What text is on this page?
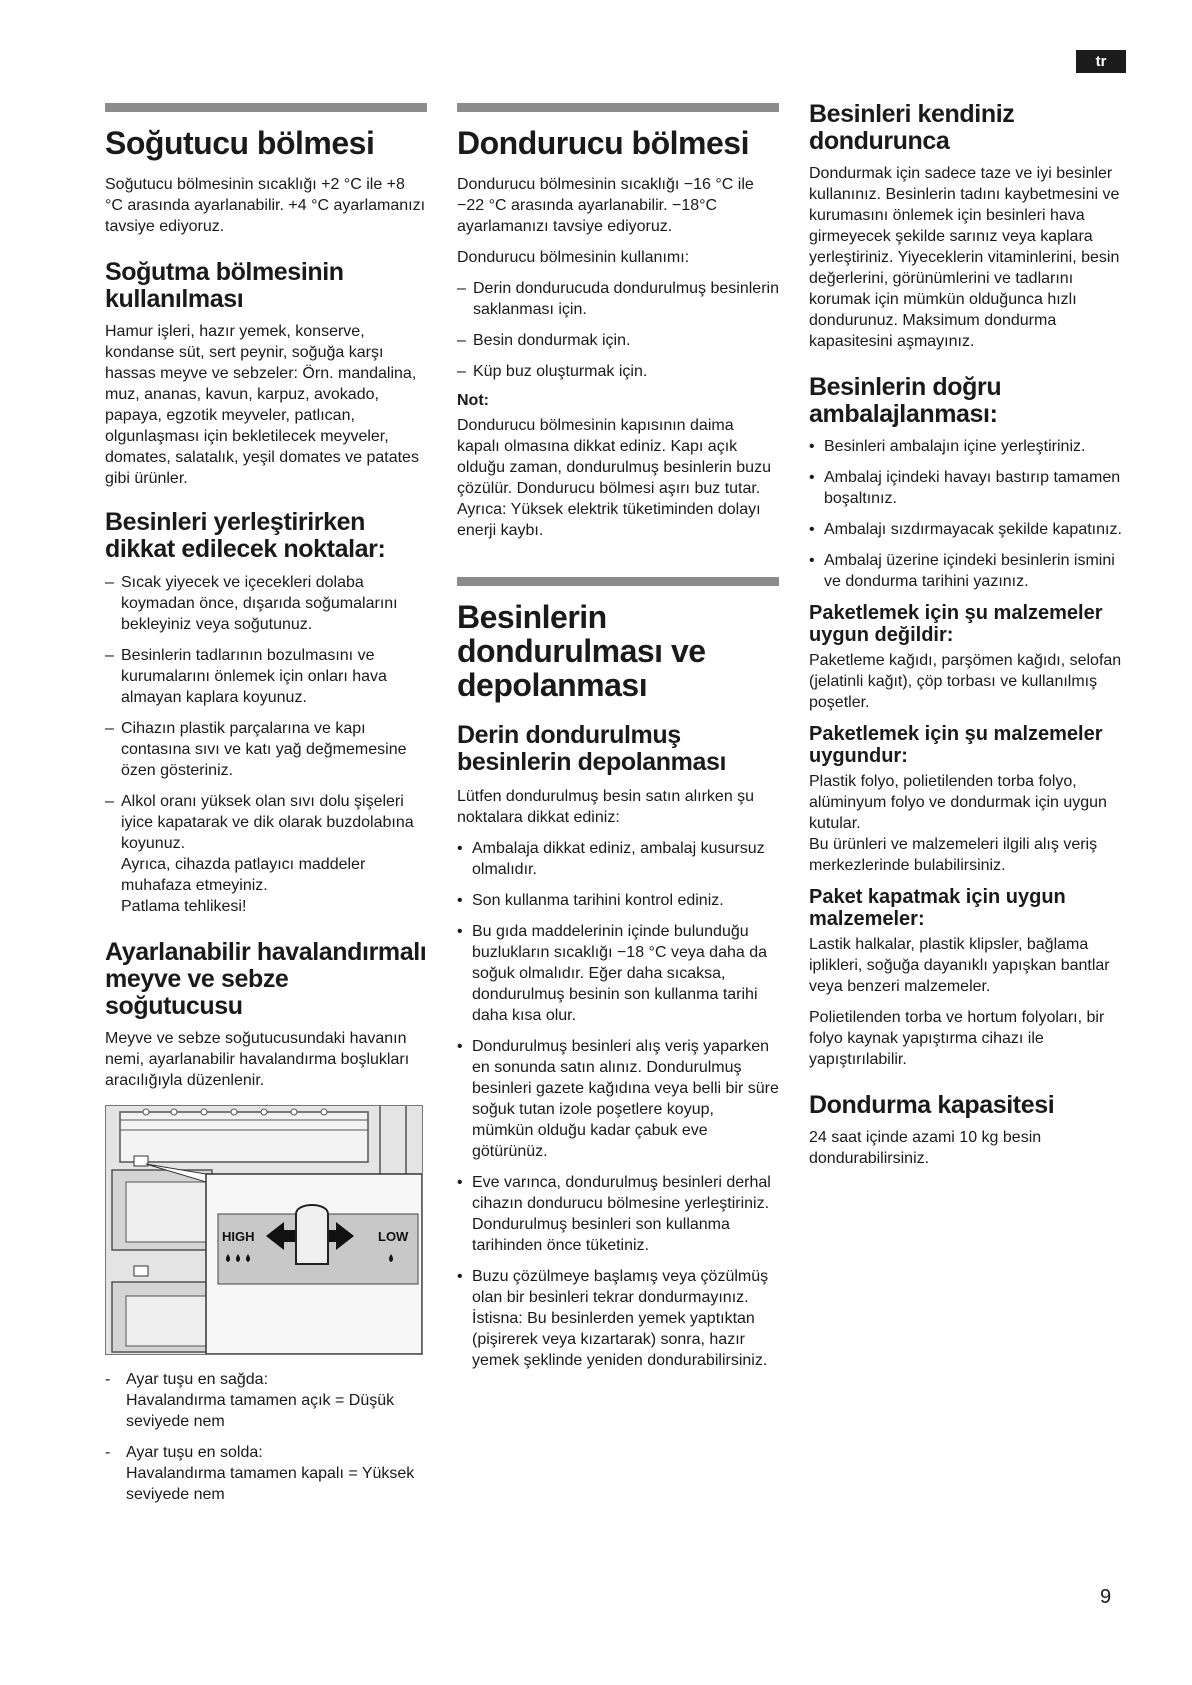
tr
Soğutucu bölmesi

Soğutucu bölmesinin sıcaklığı +2 °C ile +8 °C arasında ayarlanabilir. +4 °C ayarlamanızı tavsiye ediyoruz.

Soğutma bölmesinin kullanılması

Hamur işleri, hazır yemek, konserve, kondanse süt, sert peynir, soğuğa karşı hassas meyve ve sebzeler: Örn. mandalina, muz, ananas, kavun, karpuz, avokado, papaya, egzotik meyveler, patlıcan, olgunlaşması için bekletilecek meyveler, domates, salatalık, yeşil domates ve patates gibi ürünler.

Besinleri yerleştirirken dikkat edilecek noktalar:
– Sıcak yiyecek ve içecekleri dolaba koymadan önce, dışarıda soğumalarını bekleyiniz veya soğutunuz.
– Besinlerin tadlarının bozulmasını ve kurumalarını önlemek için onları hava almayan kaplara koyunuz.
– Cihazın plastik parçalarına ve kapı contasına sıvı ve katı yağ değmemesine özen gösteriniz.
– Alkol oranı yüksek olan sıvı dolu şişeleri iyice kapatarak ve dik olarak buzdolabına koyunuz.
Ayrıca, cihazda patlayıcı maddeler muhafaza etmeyiniz.
Patlama tehlikesi!
Ayarlanabilir havalandırmalı meyve ve sebze soğutucusu

Meyve ve sebze soğutucusundaki havanın nemi, ayarlanabilir havalandırma boşlukları aracılığıyla düzenlenir.

HIGH	LOW
- Ayar tuşu en sağda:
Havalandırma tamamen açık = Düşük seviyede nem
- Ayar tuşu en solda:
Havalandırma tamamen kapalı = Yüksek seviyede nem
Dondurucu bölmesi

Dondurucu bölmesinin sıcaklığı −16 °C ile −22 °C arasında ayarlanabilir. −18°C ayarlamanızı tavsiye ediyoruz.

Dondurucu bölmesinin kullanımı:

– Derin dondurucuda dondurulmuş besinlerin saklanması için.
– Besin dondurmak için.
– Küp buz oluşturmak için.
Not:

Dondurucu bölmesinin kapısının daima kapalı olmasına dikkat ediniz. Kapı açık olduğu zaman, dondurulmuş besinlerin buzu çözülür. Dondurucu bölmesi aşırı buz tutar. Ayrıca: Yüksek elektrik tüketiminden dolayı enerji kaybı.

Besinlerin dondurulması ve depolanması
Derin dondurulmuş besinlerin depolanması

Lütfen dondurulmuş besin satın alırken şu noktalara dikkat ediniz:

• Ambalaja dikkat ediniz, ambalaj kusursuz olmalıdır.
• Son kullanma tarihini kontrol ediniz.
• Bu gıda maddelerinin içinde bulunduğu buzlukların sıcaklığı −18 °C veya daha da soğuk olmalıdır. Eğer daha sıcaksa, dondurulmuş besinin son kullanma tarihi daha kısa olur.
• Dondurulmuş besinleri alış veriş yaparken en sonunda satın alınız. Dondurulmuş besinleri gazete kağıdına veya belli bir süre soğuk tutan izole poşetlere koyup, mümkün olduğu kadar çabuk eve götürünüz.
• Eve varınca, dondurulmuş besinleri derhal cihazın dondurucu bölmesine yerleştiriniz. Dondurulmuş besinleri son kullanma tarihinden önce tüketiniz.
• Buzu çözülmeye başlamış veya çözülmüş olan bir besinleri tekrar dondurmayınız.
İstisna: Bu besinlerden yemek yaptıktan (pişirerek veya kızartarak) sonra, hazır yemek şeklinde yeniden dondurabilirsiniz.
Besinleri kendiniz dondurunca

Dondurmak için sadece taze ve iyi besinler kullanınız. Besinlerin tadını kaybetmesini ve kurumasını önlemek için besinleri hava girmeyecek şekilde sarınız veya kaplara yerleştiriniz. Yiyeceklerin vitaminlerini, besin değerlerini, görünümlerini ve tadlarını korumak için mümkün olduğunca hızlı dondurunuz. Maksimum dondurma kapasitesini aşmayınız.

Besinlerin doğru ambalajlanması:
• Besinleri ambalajın içine yerleştiriniz.
• Ambalaj içindeki havayı bastırıp tamamen boşaltınız.
• Ambalajı sızdırmayacak şekilde kapatınız.
• Ambalaj üzerine içindeki besinlerin ismini ve dondurma tarihini yazınız.
Paketlemek için şu malzemeler uygun değildir:

Paketleme kağıdı, parşömen kağıdı, selofan (jelatinli kağıt), çöp torbası ve kullanılmış poşetler.

Paketlemek için şu malzemeler uygundur:

Plastik folyo, polietilenden torba folyo, alüminyum folyo ve dondurmak için uygun kutular.
Bu ürünleri ve malzemeleri ilgili alış veriş merkezlerinde bulabilirsiniz.

Paket kapatmak için uygun malzemeler:

Lastik halkalar, plastik klipsler, bağlama iplikleri, soğuğa dayanıklı yapışkan bantlar veya benzeri malzemeler.

Polietilenden torba ve hortum folyoları, bir folyo kaynak yapıştırma cihazı ile yapıştırılabilir.

Dondurma kapasitesi

24 saat içinde azami 10 kg besin dondurabilirsiniz.

9
